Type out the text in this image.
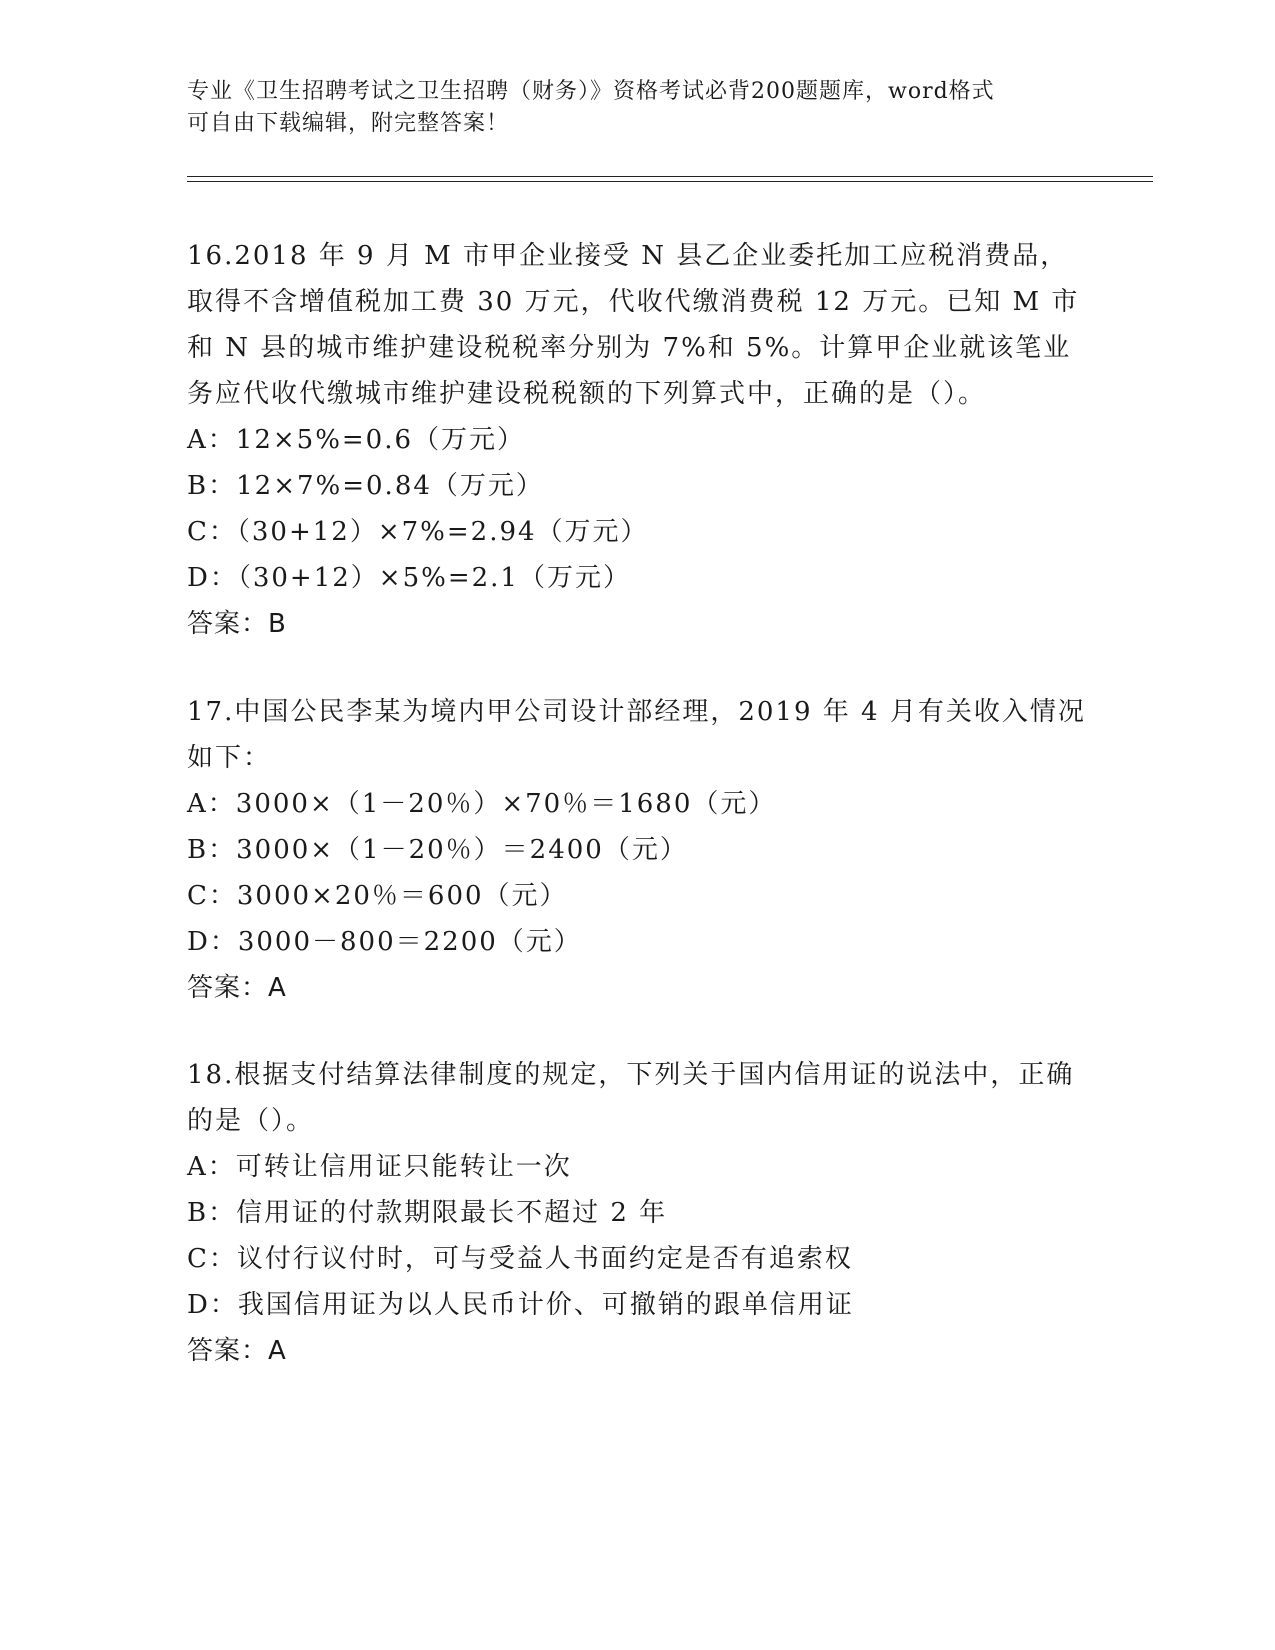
专业《卫生招聘考试之卫生招聘（财务）》资格考试必背200题题库，word格式
可自由下载编辑，附完整答案！

16.2018 年 9 月 M 市甲企业接受 N 县乙企业委托加工应税消费品，取得不含增值税加工费 30 万元，代收代缴消费税 12 万元。已知 M 市和 N 县的城市维护建设税税率分别为 7%和 5%。计算甲企业就该笔业务应代收代缴城市维护建设税税额的下列算式中，正确的是（）。

A：12×5%=0.6（万元）

B：12×7%=0.84（万元）

C：（30+12）×7%=2.94（万元）

D：（30+12）×5%=2.1（万元）

答案：B

17.中国公民李某为境内甲公司设计部经理，2019 年 4 月有关收入情况如下：

A：3000×（1－20％）×70％＝1680（元）

B：3000×（1－20％）＝2400（元）

C：3000×20％＝600（元）

D：3000－800＝2200（元）

答案：A

18.根据支付结算法律制度的规定，下列关于国内信用证的说法中，正确的是（）。

A：可转让信用证只能转让一次

B：信用证的付款期限最长不超过 2 年

C：议付行议付时，可与受益人书面约定是否有追索权

D：我国信用证为以人民币计价、可撤销的跟单信用证

答案：A
